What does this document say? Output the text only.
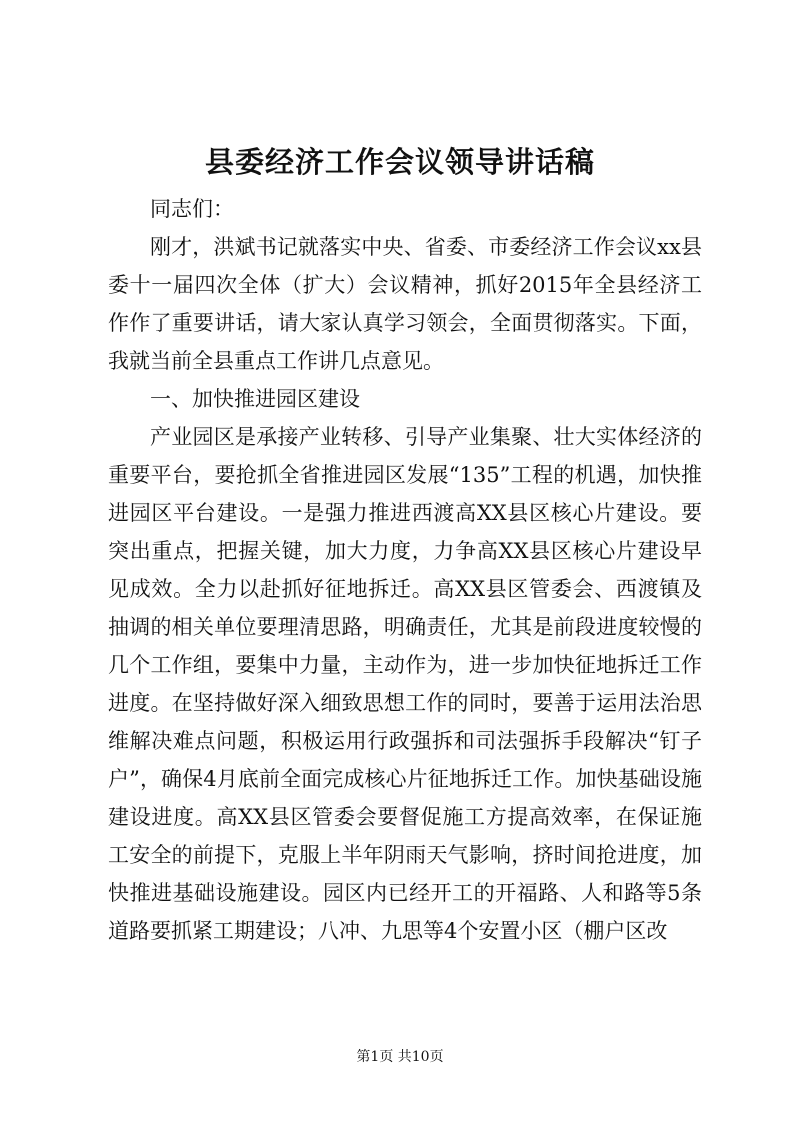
县委经济工作会议领导讲话稿

同志们：

刚才，洪斌书记就落实中央、省委、市委经济工作会议xx县委十一届四次全体（扩大）会议精神，抓好2015年全县经济工作作了重要讲话，请大家认真学习领会，全面贯彻落实。下面，我就当前全县重点工作讲几点意见。

一、加快推进园区建设

产业园区是承接产业转移、引导产业集聚、壮大实体经济的重要平台，要抢抓全省推进园区发展“135”工程的机遇，加快推进园区平台建设。一是强力推进西渡高XX县区核心片建设。要突出重点，把握关键，加大力度，力争高XX县区核心片建设早见成效。全力以赴抓好征地拆迁。高XX县区管委会、西渡镇及抽调的相关单位要理清思路，明确责任，尤其是前段进度较慢的几个工作组，要集中力量，主动作为，进一步加快征地拆迁工作进度。在坚持做好深入细致思想工作的同时，要善于运用法治思维解决难点问题，积极运用行政强拆和司法强拆手段解决“钉子户”，确保4月底前全面完成核心片征地拆迁工作。加快基础设施建设进度。高XX县区管委会要督促施工方提高效率，在保证施工安全的前提下，克服上半年阴雨天气影响，挤时间抢进度，加快推进基础设施建设。园区内已经开工的开福路、人和路等5条道路要抓紧工期建设；八冲、九思等4个安置小区（棚户区改

第1页 共10页
